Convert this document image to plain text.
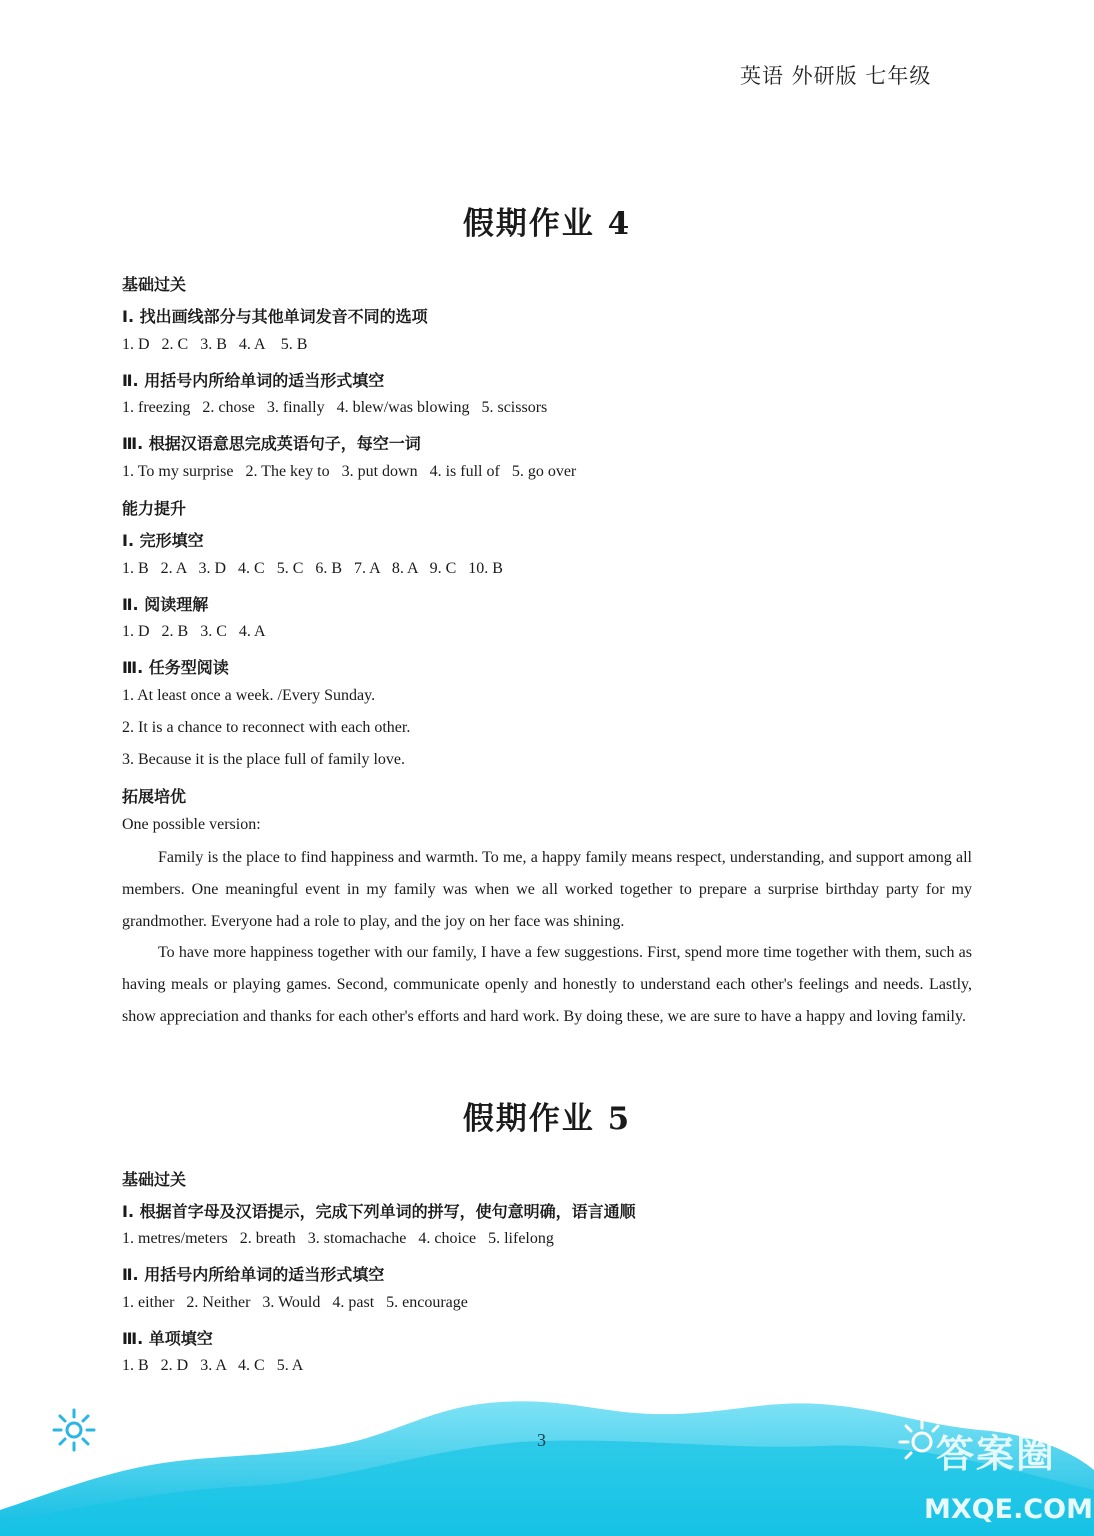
英语 外研版 七年级
假期作业 4
基础过关
Ⅰ. 找出画线部分与其他单词发音不同的选项
1. D   2. C   3. B   4. A    5. B
Ⅱ. 用括号内所给单词的适当形式填空
1. freezing   2. chose   3. finally   4. blew/was blowing   5. scissors
Ⅲ. 根据汉语意思完成英语句子，每空一词
1. To my surprise   2. The key to   3. put down   4. is full of   5. go over
能力提升
Ⅰ. 完形填空
1. B   2. A   3. D   4. C   5. C   6. B   7. A   8. A   9. C   10. B
Ⅱ. 阅读理解
1. D   2. B   3. C   4. A
Ⅲ. 任务型阅读
1. At least once a week. /Every Sunday.
2. It is a chance to reconnect with each other.
3. Because it is the place full of family love.
拓展培优
One possible version:
Family is the place to find happiness and warmth. To me, a happy family means respect, understanding, and support among all members. One meaningful event in my family was when we all worked together to prepare a surprise birthday party for my grandmother. Everyone had a role to play, and the joy on her face was shining.
To have more happiness together with our family, I have a few suggestions. First, spend more time together with them, such as having meals or playing games. Second, communicate openly and honestly to understand each other's feelings and needs. Lastly, show appreciation and thanks for each other's efforts and hard work. By doing these, we are sure to have a happy and loving family.
假期作业 5
基础过关
Ⅰ. 根据首字母及汉语提示，完成下列单词的拼写，使句意明确，语言通顺
1. metres/meters   2. breath   3. stomachache   4. choice   5. lifelong
Ⅱ. 用括号内所给单词的适当形式填空
1. either   2. Neither   3. Would   4. past   5. encourage
Ⅲ. 单项填空
1. B   2. D   3. A   4. C   5. A
3	答案圈
MXQE.COM
